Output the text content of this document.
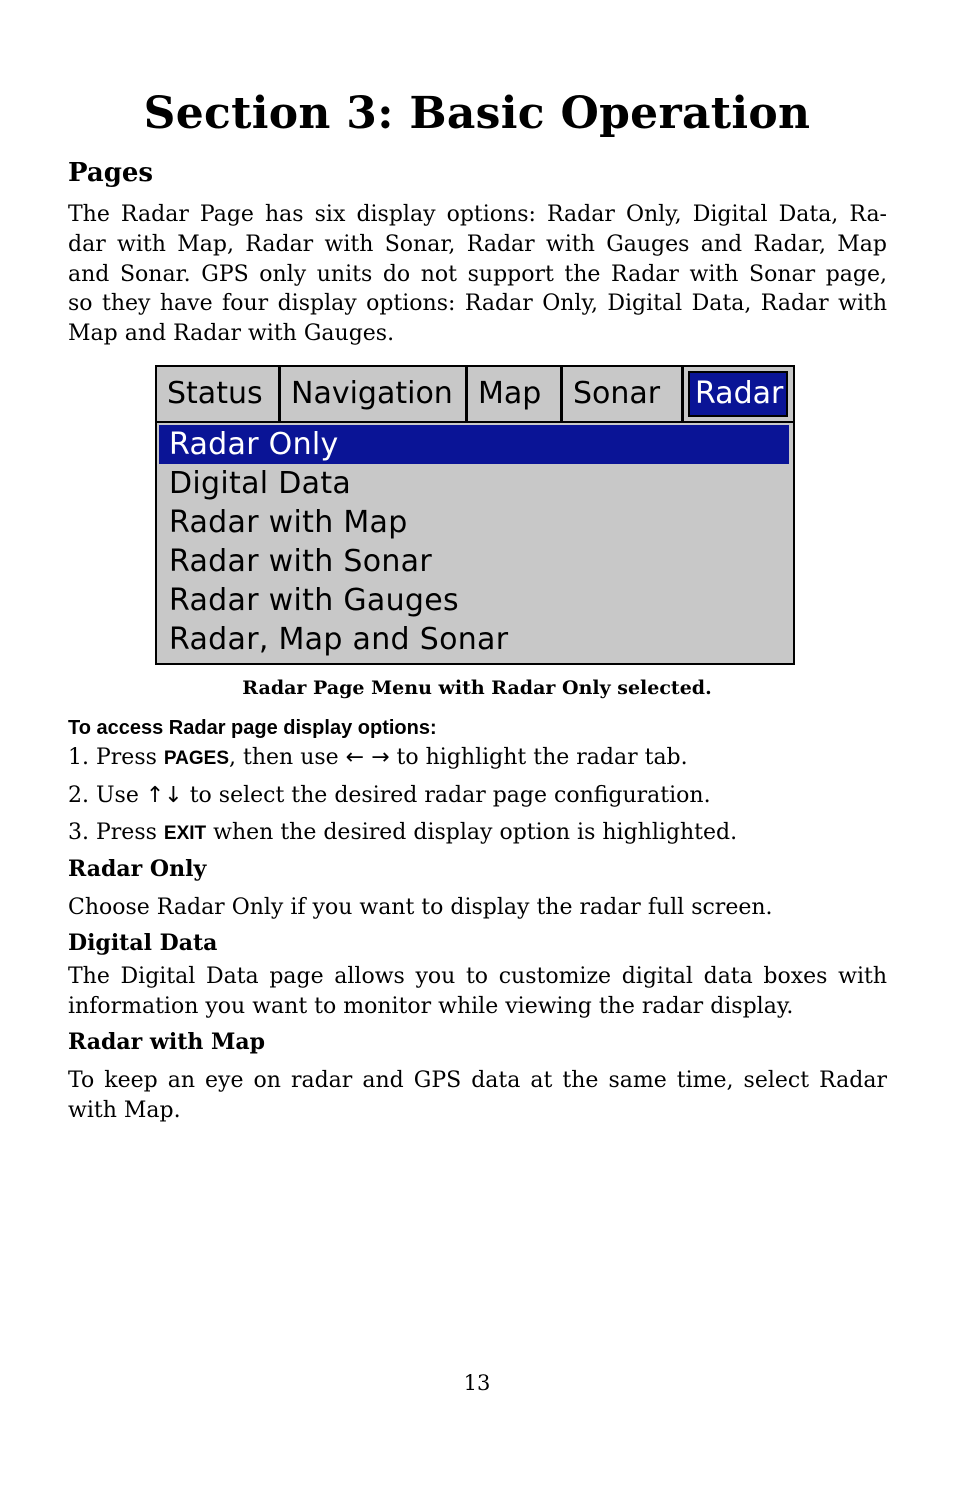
Section 3: Basic Operation
Pages

The Radar Page has six display options: Radar Only, Digital Data, Ra-
dar with Map, Radar with Sonar, Radar with Gauges and Radar, Map
and Sonar. GPS only units do not support the Radar with Sonar page,
so they have four display options: Radar Only, Digital Data, Radar with
Map and Radar with Gauges.

Status Navigation Map	Sonar	Radar
Radar Only
Digital Data
Radar with Map
Radar with Sonar
Radar with Gauges
Radar, Map and Sonar

Radar Page Menu with Radar Only selected.

To access Radar page display options:

1. Press PAGES, then use ← → to highlight the radar tab.

2. Use ↑↓ to select the desired radar page configuration.

3. Press EXIT when the desired display option is highlighted.

Radar Only

Choose Radar Only if you want to display the radar full screen.

Digital Data

The Digital Data page allows you to customize digital data boxes with
information you want to monitor while viewing the radar display.

Radar with Map

To keep an eye on radar and GPS data at the same time, select Radar
with Map.

13
